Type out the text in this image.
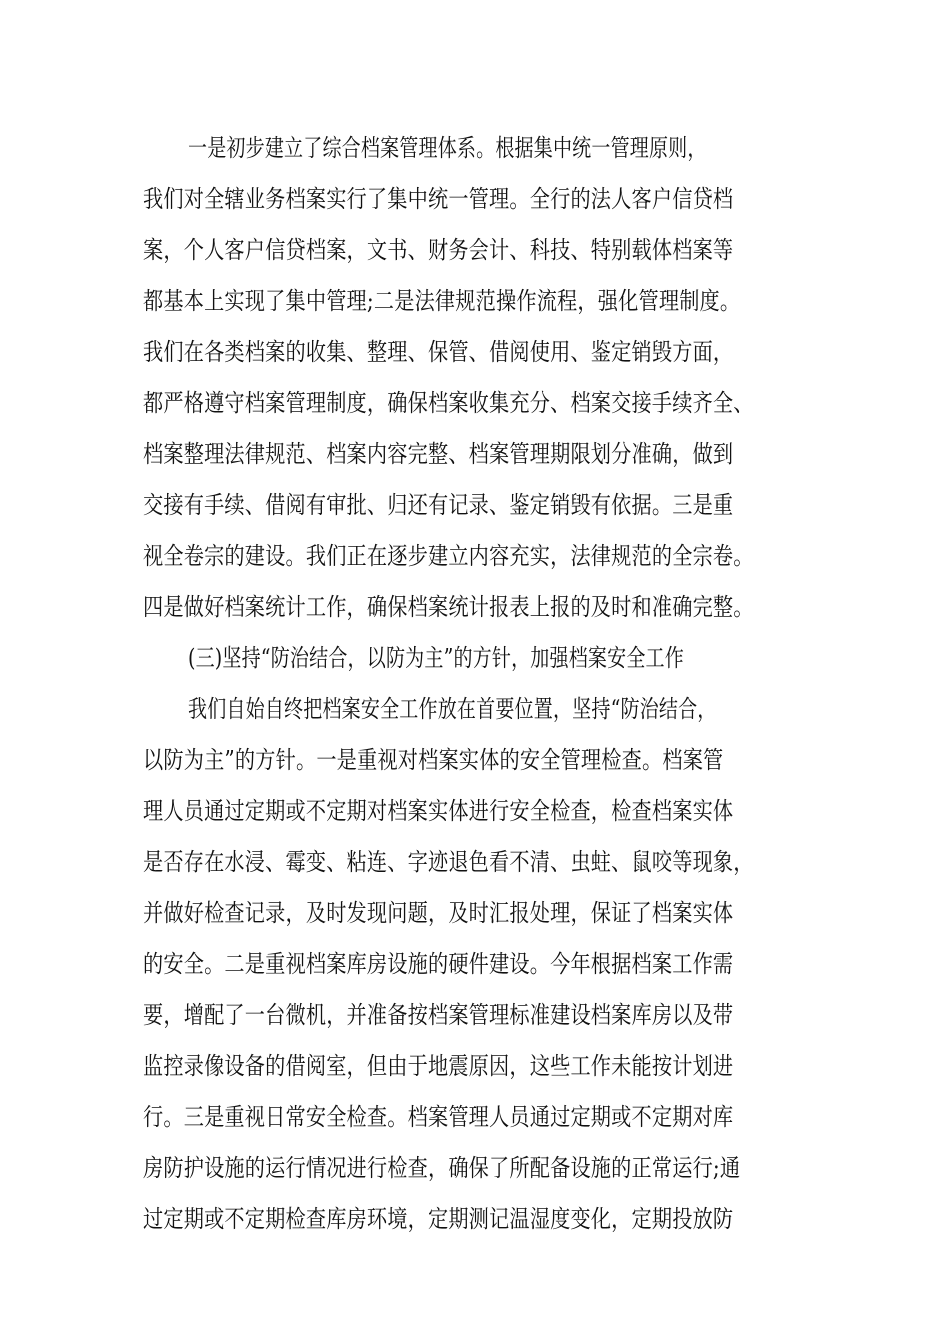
一是初步建立了综合档案管理体系。根据集中统一管理原则，
我们对全辖业务档案实行了集中统一管理。全行的法人客户信贷档
案，个人客户信贷档案，文书、财务会计、科技、特别载体档案等
都基本上实现了集中管理;二是法律规范操作流程，强化管理制度。
我们在各类档案的收集、整理、保管、借阅使用、鉴定销毁方面，
都严格遵守档案管理制度，确保档案收集充分、档案交接手续齐全、
档案整理法律规范、档案内容完整、档案管理期限划分准确，做到
交接有手续、借阅有审批、归还有记录、鉴定销毁有依据。三是重
视全卷宗的建设。我们正在逐步建立内容充实，法律规范的全宗卷。
四是做好档案统计工作，确保档案统计报表上报的及时和准确完整。
(三)坚持“防治结合，以防为主”的方针，加强档案安全工作
我们自始自终把档案安全工作放在首要位置，坚持“防治结合，
以防为主”的方针。一是重视对档案实体的安全管理检查。档案管
理人员通过定期或不定期对档案实体进行安全检查，检查档案实体
是否存在水浸、霉变、粘连、字迹退色看不清、虫蛀、鼠咬等现象，
并做好检查记录，及时发现问题，及时汇报处理，保证了档案实体
的安全。二是重视档案库房设施的硬件建设。今年根据档案工作需
要，增配了一台微机，并准备按档案管理标准建设档案库房以及带
监控录像设备的借阅室，但由于地震原因，这些工作未能按计划进
行。三是重视日常安全检查。档案管理人员通过定期或不定期对库
房防护设施的运行情况进行检查，确保了所配备设施的正常运行;通
过定期或不定期检查库房环境，定期测记温湿度变化，定期投放防
